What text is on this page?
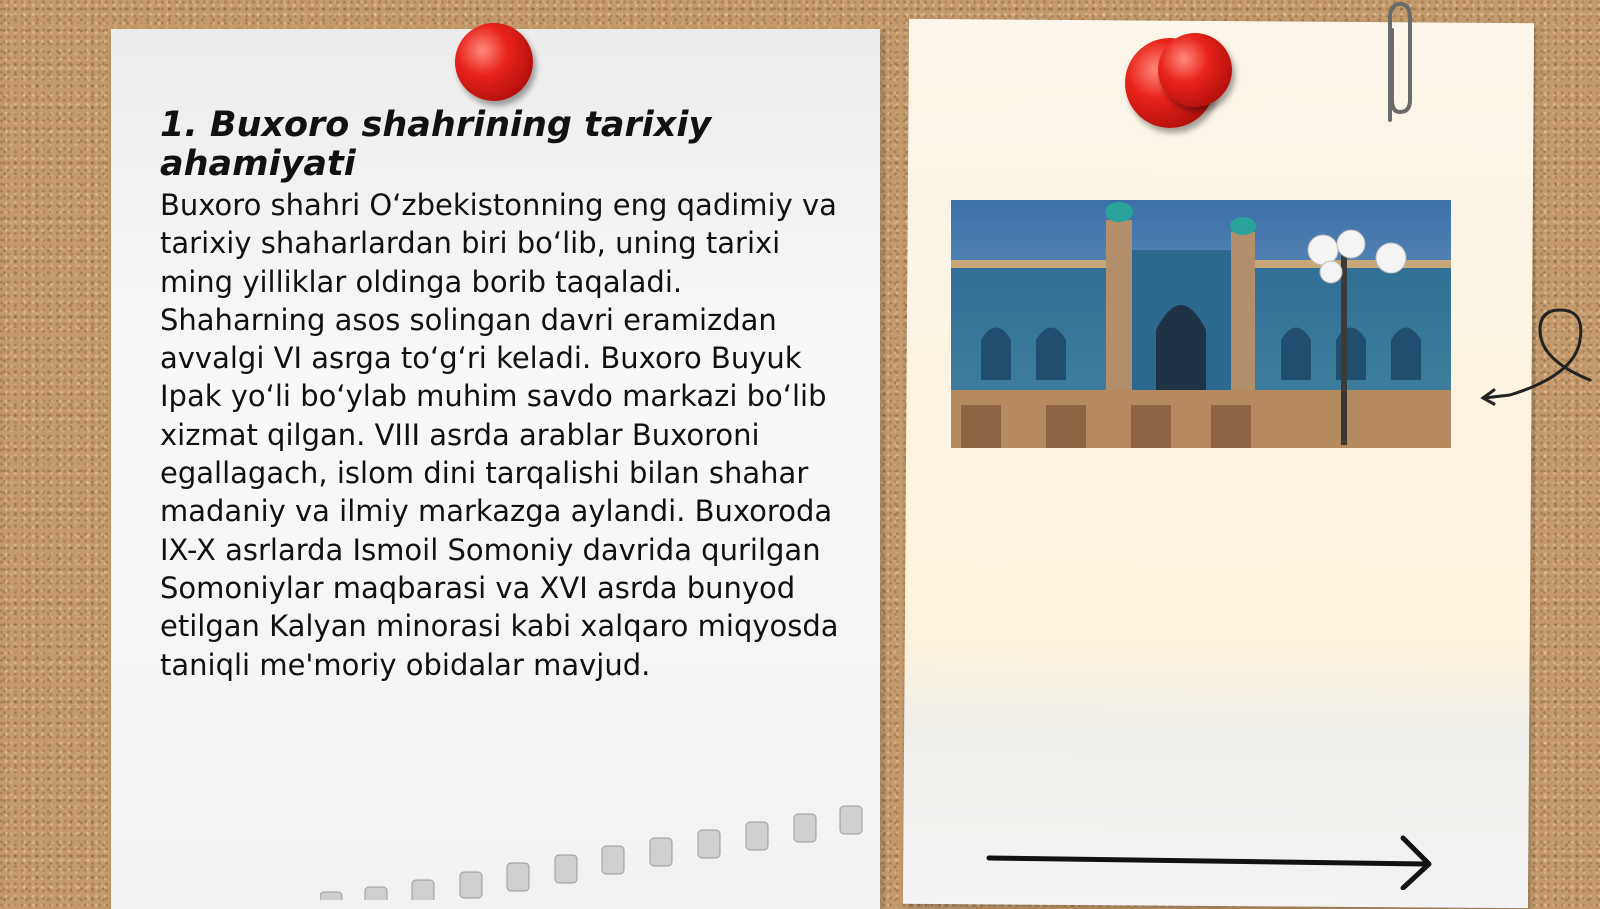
1. Buxoro shahrining tarixiy ahamiyati

Buxoro shahri O‘zbekistonning eng qadimiy va tarixiy shaharlardan biri bo‘lib, uning tarixi ming yilliklar oldinga borib taqaladi. Shaharning asos solingan davri eramizdan avvalgi VI asrga to‘g‘ri keladi. Buxoro Buyuk Ipak yo‘li bo‘ylab muhim savdo markazi bo‘lib xizmat qilgan. VIII asrda arablar Buxoroni egallagach, islom dini tarqalishi bilan shahar madaniy va ilmiy markazga aylandi. Buxoroda IX-X asrlarda Ismoil Somoniy davrida qurilgan Somoniylar maqbarasi va XVI asrda bunyod etilgan Kalyan minorasi kabi xalqaro miqyosda taniqli me'moriy obidalar mavjud.
